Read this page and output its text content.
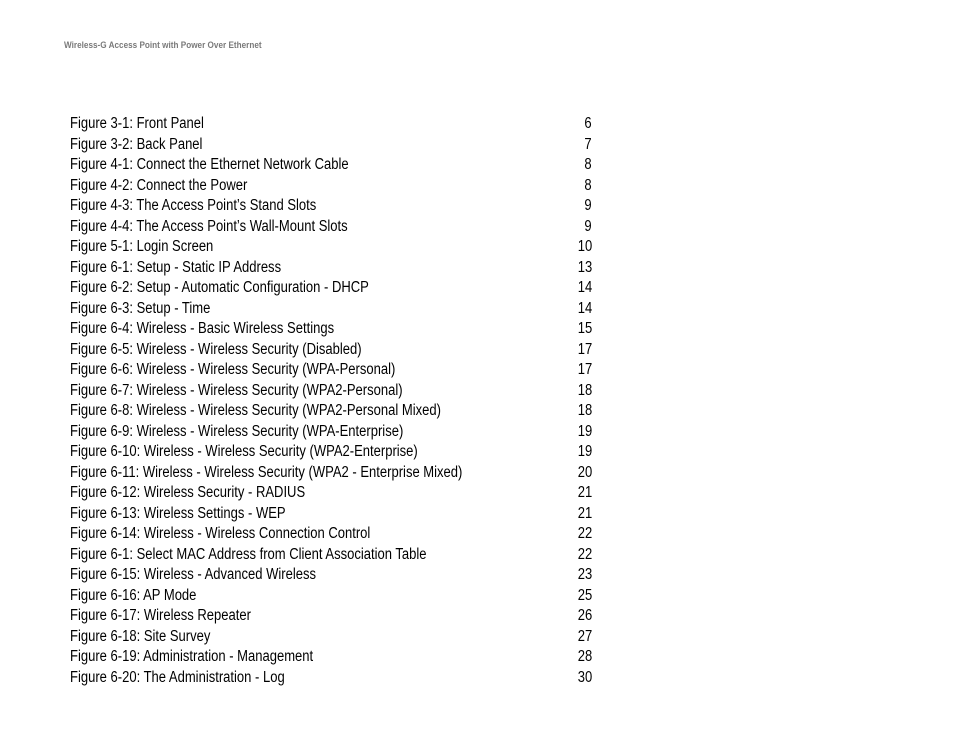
Wireless-G Access Point with Power Over Ethernet
Figure 3-1: Front Panel	6
Figure 3-2: Back Panel	7
Figure 4-1: Connect the Ethernet Network Cable	8
Figure 4-2: Connect the Power	8
Figure 4-3: The Access Point’s Stand Slots	9
Figure 4-4: The Access Point’s Wall-Mount Slots	9
Figure 5-1: Login Screen	10
Figure 6-1: Setup - Static IP Address	13
Figure 6-2: Setup - Automatic Configuration - DHCP	14
Figure 6-3: Setup - Time	14
Figure 6-4: Wireless - Basic Wireless Settings	15
Figure 6-5: Wireless - Wireless Security (Disabled)	17
Figure 6-6: Wireless - Wireless Security (WPA-Personal)	17
Figure 6-7: Wireless - Wireless Security (WPA2-Personal)	18
Figure 6-8: Wireless - Wireless Security (WPA2-Personal Mixed)	18
Figure 6-9: Wireless - Wireless Security (WPA-Enterprise)	19
Figure 6-10: Wireless - Wireless Security (WPA2-Enterprise)	19
Figure 6-11: Wireless - Wireless Security (WPA2 - Enterprise Mixed)	20
Figure 6-12: Wireless Security - RADIUS	21
Figure 6-13: Wireless Settings - WEP	21
Figure 6-14: Wireless - Wireless Connection Control	22
Figure 6-1: Select MAC Address from Client Association Table	22
Figure 6-15: Wireless - Advanced Wireless	23
Figure 6-16: AP Mode	25
Figure 6-17: Wireless Repeater	26
Figure 6-18: Site Survey	27
Figure 6-19: Administration - Management	28
Figure 6-20: The Administration - Log	30
